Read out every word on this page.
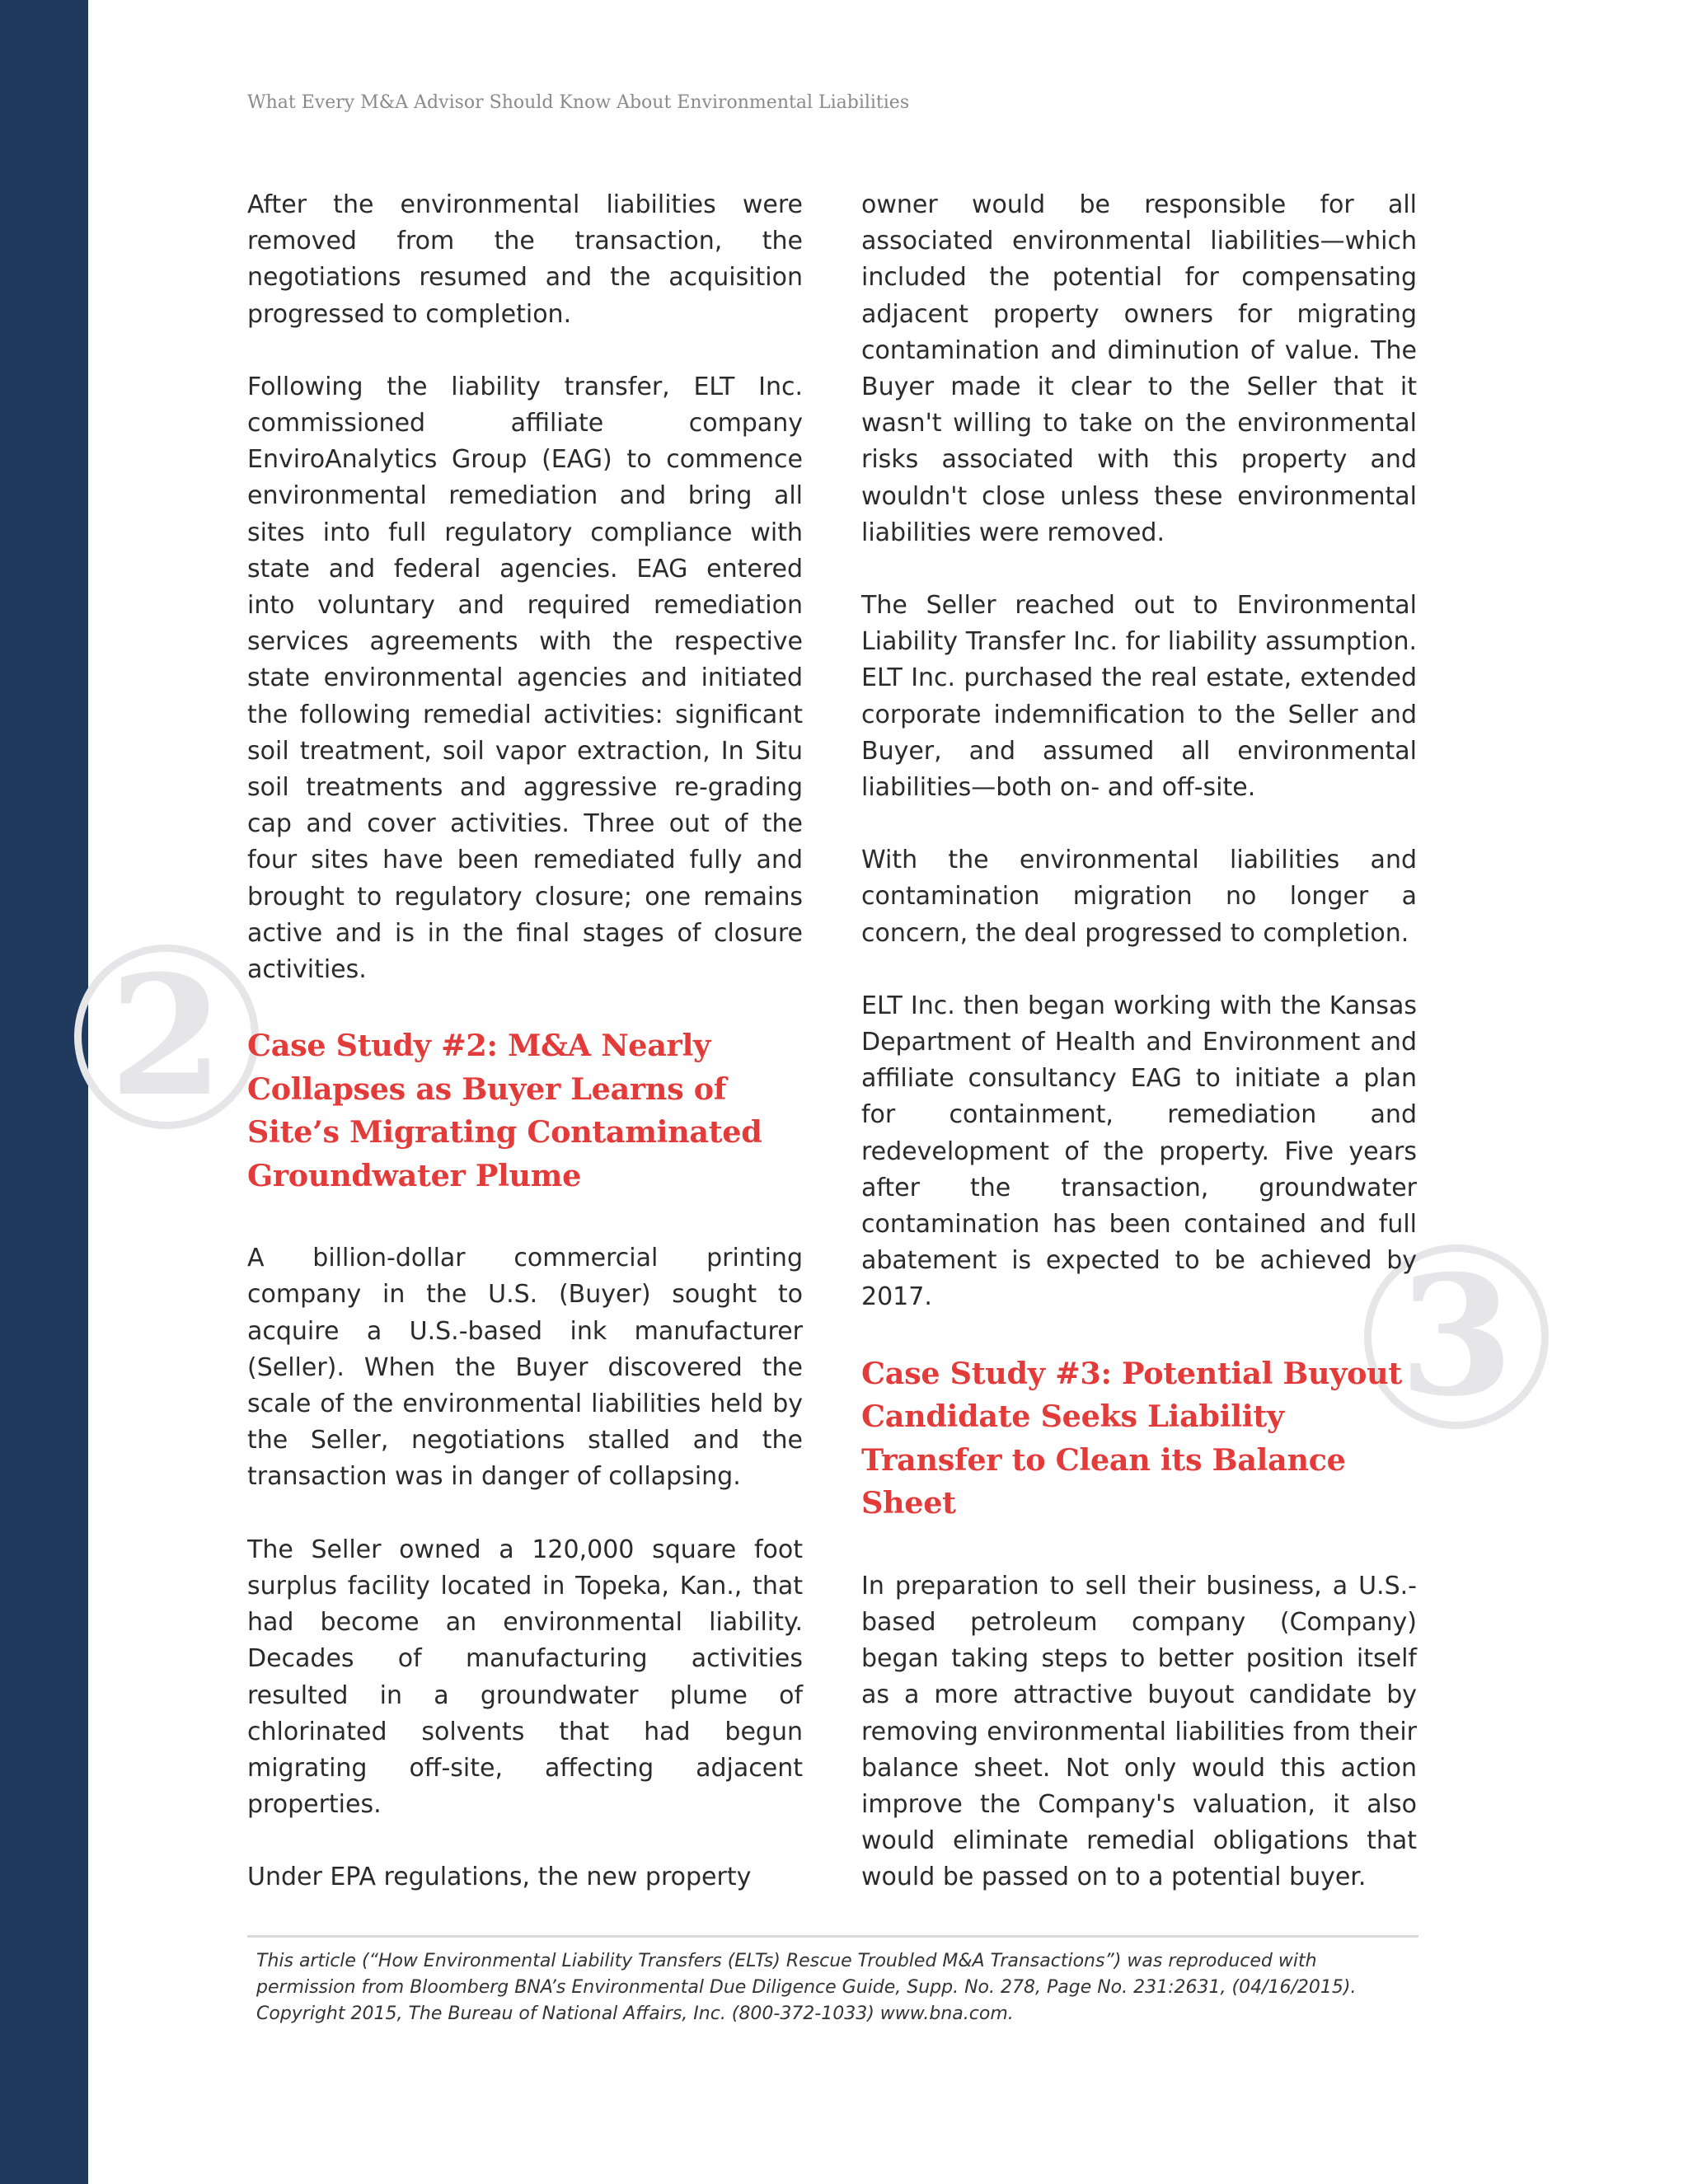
What Every M&A Advisor Should Know About Environmental Liabilities
2
3

After the environmental liabilities were removed from the transaction, the negotiations resumed and the acquisition progressed to completion.

Following the liability transfer, ELT Inc. commissioned affiliate company EnviroAnalytics Group (EAG) to commence environmental remediation and bring all sites into full regulatory compliance with state and federal agencies. EAG entered into voluntary and required remediation services agreements with the respective state environmental agencies and initiated the following remedial activities: significant soil treatment, soil vapor extraction, In Situ soil treatments and aggressive re-grading cap and cover activities. Three out of the four sites have been remediated fully and brought to regulatory closure; one remains active and is in the final stages of closure activities.

Case Study #2: M&A Nearly Collapses as Buyer Learns of Site’s Migrating Contaminated Groundwater Plume

A billion-dollar commercial printing company in the U.S. (Buyer) sought to acquire a U.S.-based ink manufacturer (Seller). When the Buyer discovered the scale of the environmental liabilities held by the Seller, negotiations stalled and the transaction was in danger of collapsing.

The Seller owned a 120,000 square foot surplus facility located in Topeka, Kan., that had become an environmental liability. Decades of manufacturing activities resulted in a groundwater plume of chlorinated solvents that had begun migrating off-site, affecting adjacent properties.

Under EPA regulations, the new property

owner would be responsible for all associated environmental liabilities—which included the potential for compensating adjacent property owners for migrating contamination and diminution of value. The Buyer made it clear to the Seller that it wasn't willing to take on the environmental risks associated with this property and wouldn't close unless these environmental liabilities were removed.

The Seller reached out to Environmental Liability Transfer Inc. for liability assumption. ELT Inc. purchased the real estate, extended corporate indemnification to the Seller and Buyer, and assumed all environmental liabilities—both on- and off-site.

With the environmental liabilities and contamination migration no longer a concern, the deal progressed to completion.

ELT Inc. then began working with the Kansas Department of Health and Environment and affiliate consultancy EAG to initiate a plan for containment, remediation and redevelopment of the property. Five years after the transaction, groundwater contamination has been contained and full abatement is expected to be achieved by 2017.

Case Study #3: Potential Buyout Candidate Seeks Liability Transfer to Clean its Balance Sheet

In preparation to sell their business, a U.S.-based petroleum company (Company) began taking steps to better position itself as a more attractive buyout candidate by removing environmental liabilities from their balance sheet. Not only would this action improve the Company's valuation, it also would eliminate remedial obligations that would be passed on to a potential buyer.

This article (“How Environmental Liability Transfers (ELTs) Rescue Troubled M&A Transactions”) was reproduced with permission from Bloomberg BNA’s Environmental Due Diligence Guide, Supp. No. 278, Page No. 231:2631, (04/16/2015). Copyright 2015, The Bureau of National Affairs, Inc. (800-372-1033) www.bna.com.
